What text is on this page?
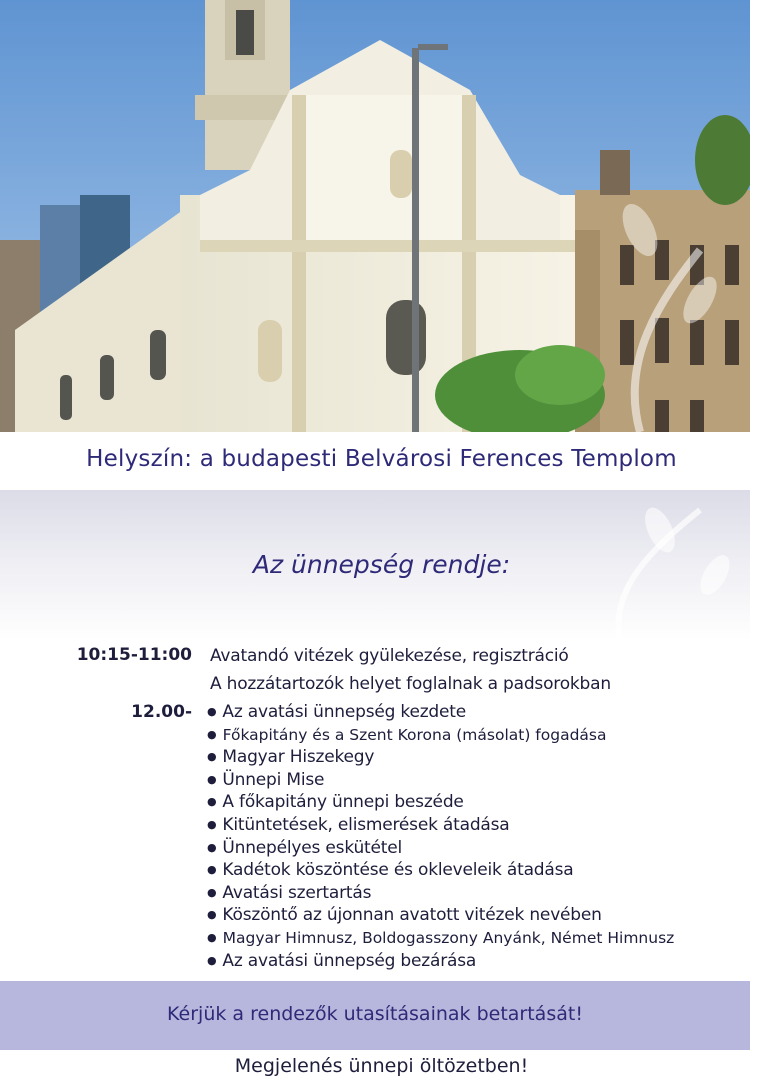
Helyszín: a budapesti Belvárosi Ferences Templom
Az ünnepség rendje:
10:15-11:00 Avatandó vitézek gyülekezése, regisztráció
A hozzátartozók helyet foglalnak a padsorokban
12.00-
●	Az avatási ünnepség kezdete
● Főkapitány és a Szent Korona (másolat) fogadása
● Magyar Hiszekegy
● Ünnepi Mise
● A főkapitány ünnepi beszéde
● Kitüntetések, elismerések átadása
● Ünnepélyes eskütétel
● Kadétok köszöntése és okleveleik átadása
● Avatási szertartás
● Köszöntő az újonnan avatott vitézek nevében
● Magyar Himnusz, Boldogasszony Anyánk, Német Himnusz
● Az avatási ünnepség bezárása
Kérjük a rendezők utasításainak betartását!
Megjelenés ünnepi öltözetben!
